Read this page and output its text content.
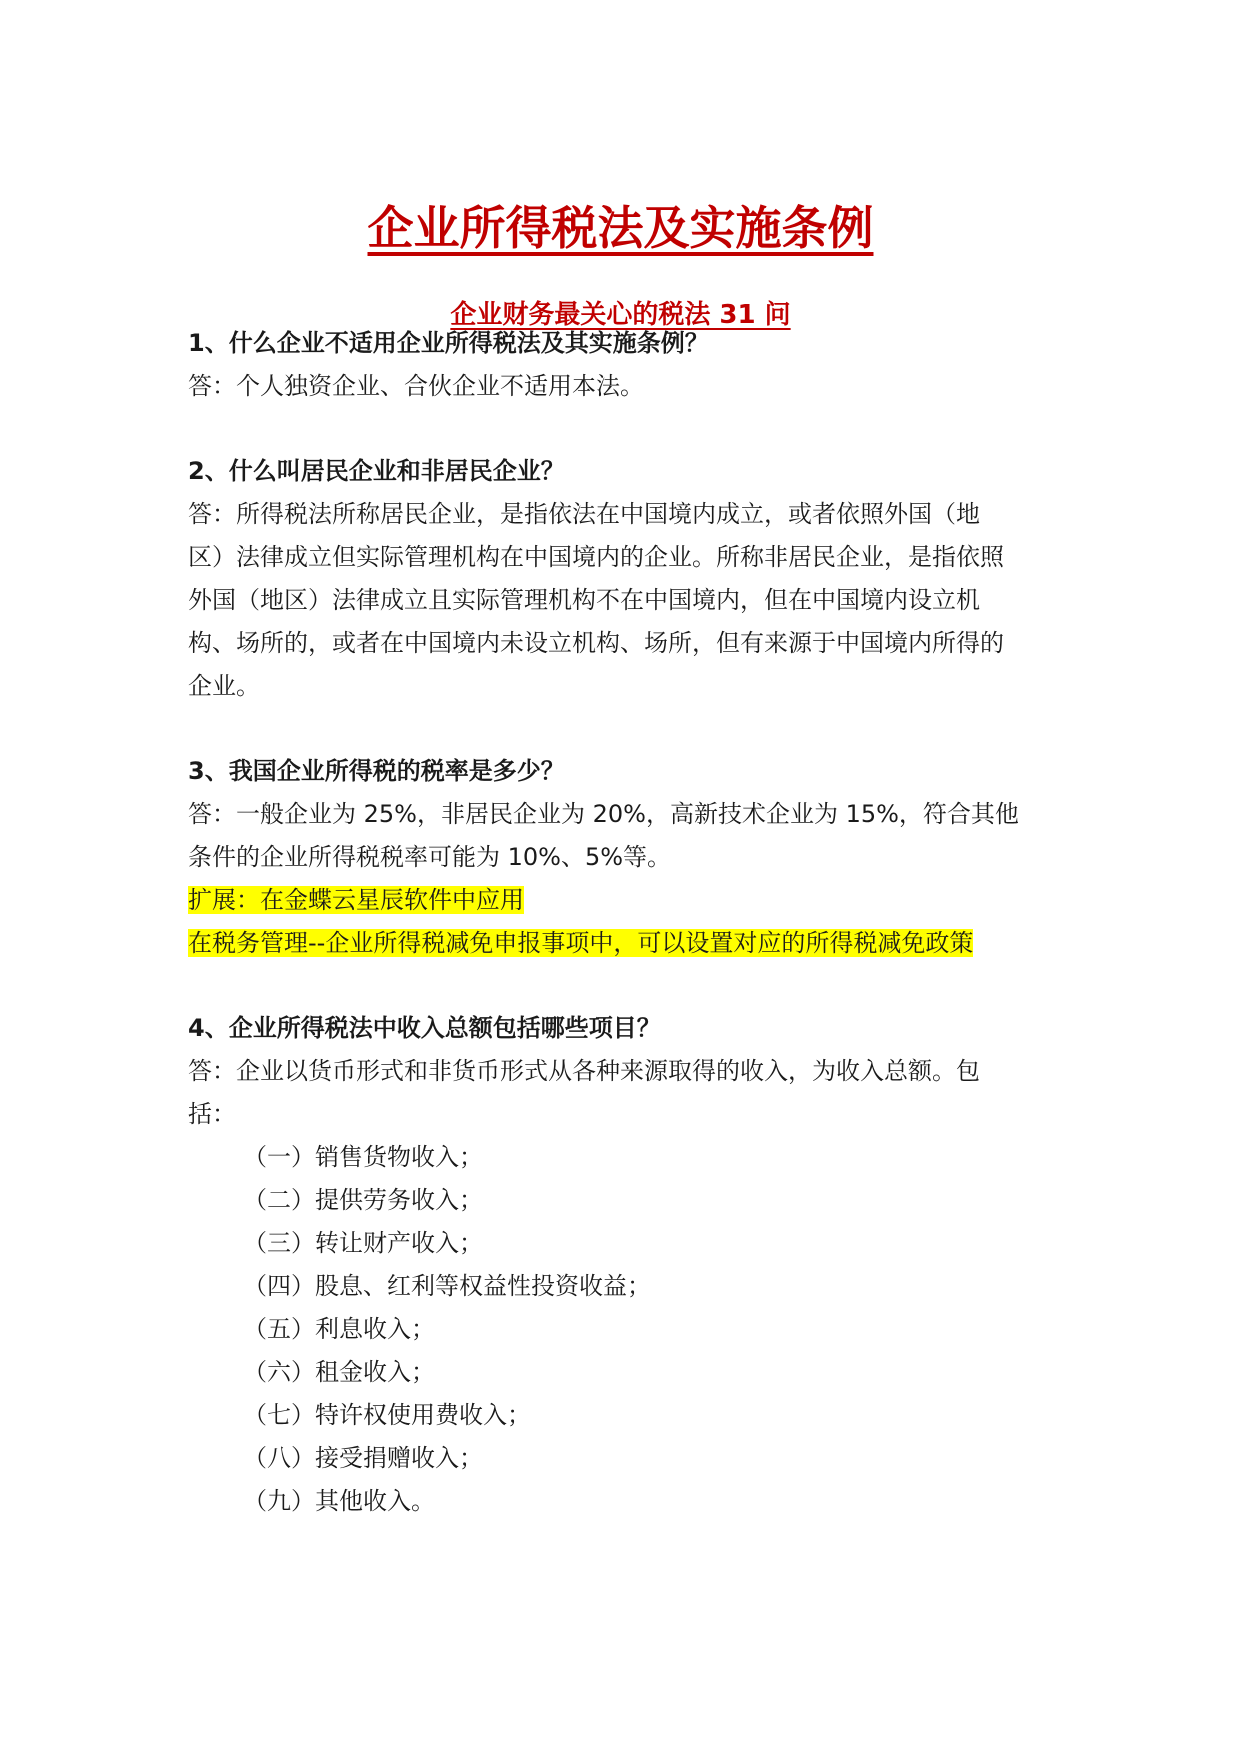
企业所得税法及实施条例
企业财务最关心的税法 31 问
1、什么企业不适用企业所得税法及其实施条例？
答：个人独资企业、合伙企业不适用本法。
2、什么叫居民企业和非居民企业？
答：所得税法所称居民企业，是指依法在中国境内成立，或者依照外国（地
区）法律成立但实际管理机构在中国境内的企业。所称非居民企业，是指依照
外国（地区）法律成立且实际管理机构不在中国境内，但在中国境内设立机
构、场所的，或者在中国境内未设立机构、场所，但有来源于中国境内所得的
企业。
3、我国企业所得税的税率是多少？
答：一般企业为 25%，非居民企业为 20%，高新技术企业为 15%，符合其他
条件的企业所得税税率可能为 10%、5%等。
扩展：在金蝶云星辰软件中应用
在税务管理--企业所得税减免申报事项中，可以设置对应的所得税减免政策
4、企业所得税法中收入总额包括哪些项目？
答：企业以货币形式和非货币形式从各种来源取得的收入，为收入总额。包
括：
（一）销售货物收入；
（二）提供劳务收入；
（三）转让财产收入；
（四）股息、红利等权益性投资收益；
（五）利息收入；
（六）租金收入；
（七）特许权使用费收入；
（八）接受捐赠收入；
（九）其他收入。
